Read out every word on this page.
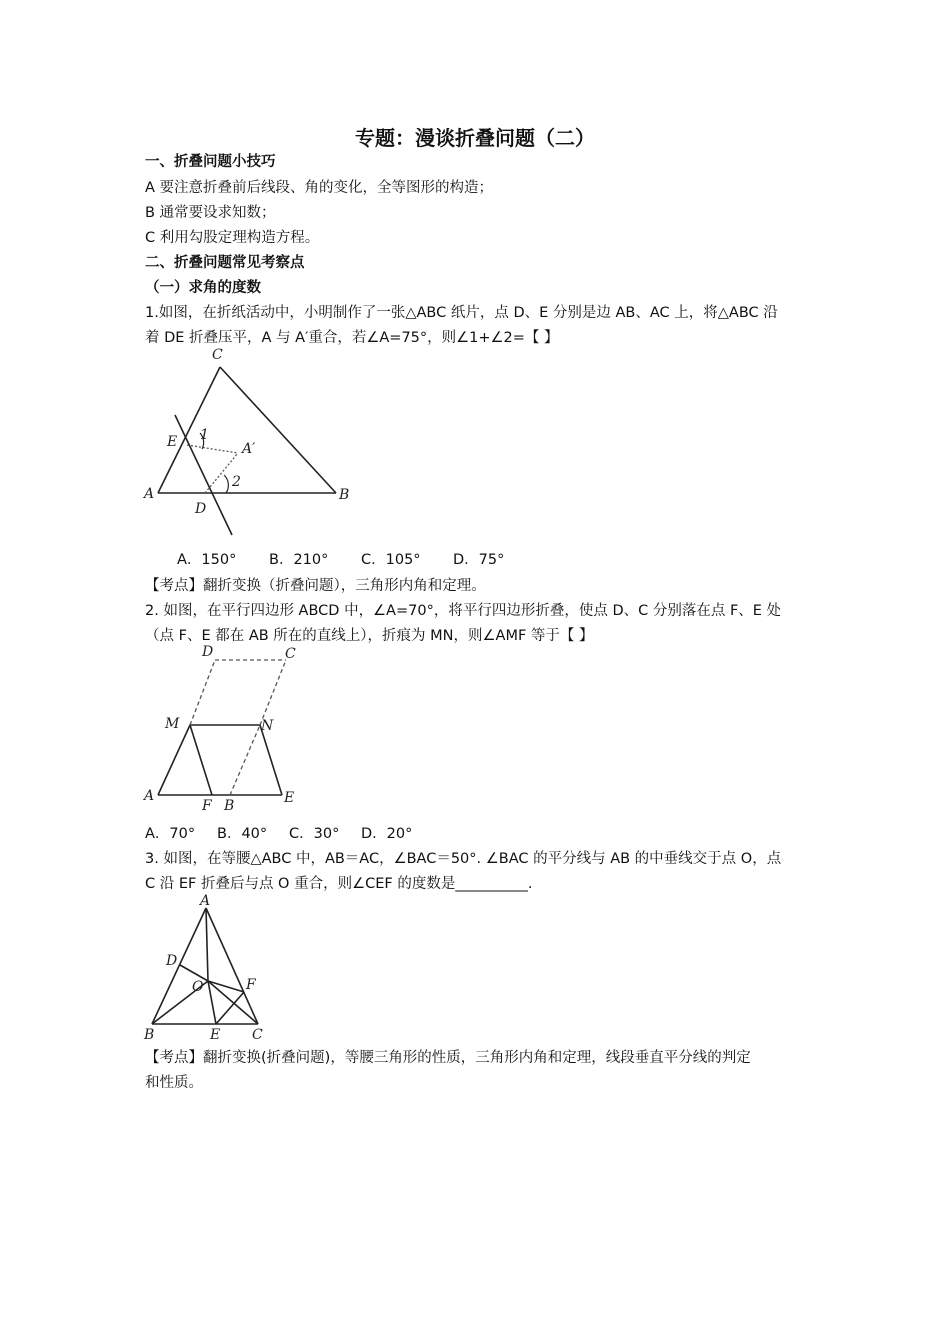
专题：漫谈折叠问题（二）
一、折叠问题小技巧
A 要注意折叠前后线段、角的变化，全等图形的构造；
B 通常要设求知数；
C 利用勾股定理构造方程。
二、折叠问题常见考察点
（一）求角的度数
1.如图，在折纸活动中，小明制作了一张△ABC 纸片，点 D、E 分别是边 AB、AC 上，将△ABC 沿
着 DE 折叠压平，A 与 A′重合，若∠A=75°，则∠1+∠2=【 】
C
E 1
A′
2
A	B
D
A．150° B．210° C．105° D．75°
【考点】翻折变换（折叠问题），三角形内角和定理。
2. 如图，在平行四边形 ABCD 中，∠A=70°，将平行四边形折叠，使点 D、C 分别落在点 F、E 处
（点 F、E 都在 AB 所在的直线上），折痕为 MN，则∠AMF 等于【 】
D	C
M	N
A
F B	E
A．70° B．40° C．30° D．20°
3. 如图，在等腰△ABC 中，AB＝AC，∠BAC＝50°. ∠BAC 的平分线与 AB 的中垂线交于点 O，点
C 沿 EF 折叠后与点 O 重合，则∠CEF 的度数是__________.
A
D
O	F
B	E C
【考点】翻折变换(折叠问题)，等腰三角形的性质，三角形内角和定理，线段垂直平分线的判定
和性质。
